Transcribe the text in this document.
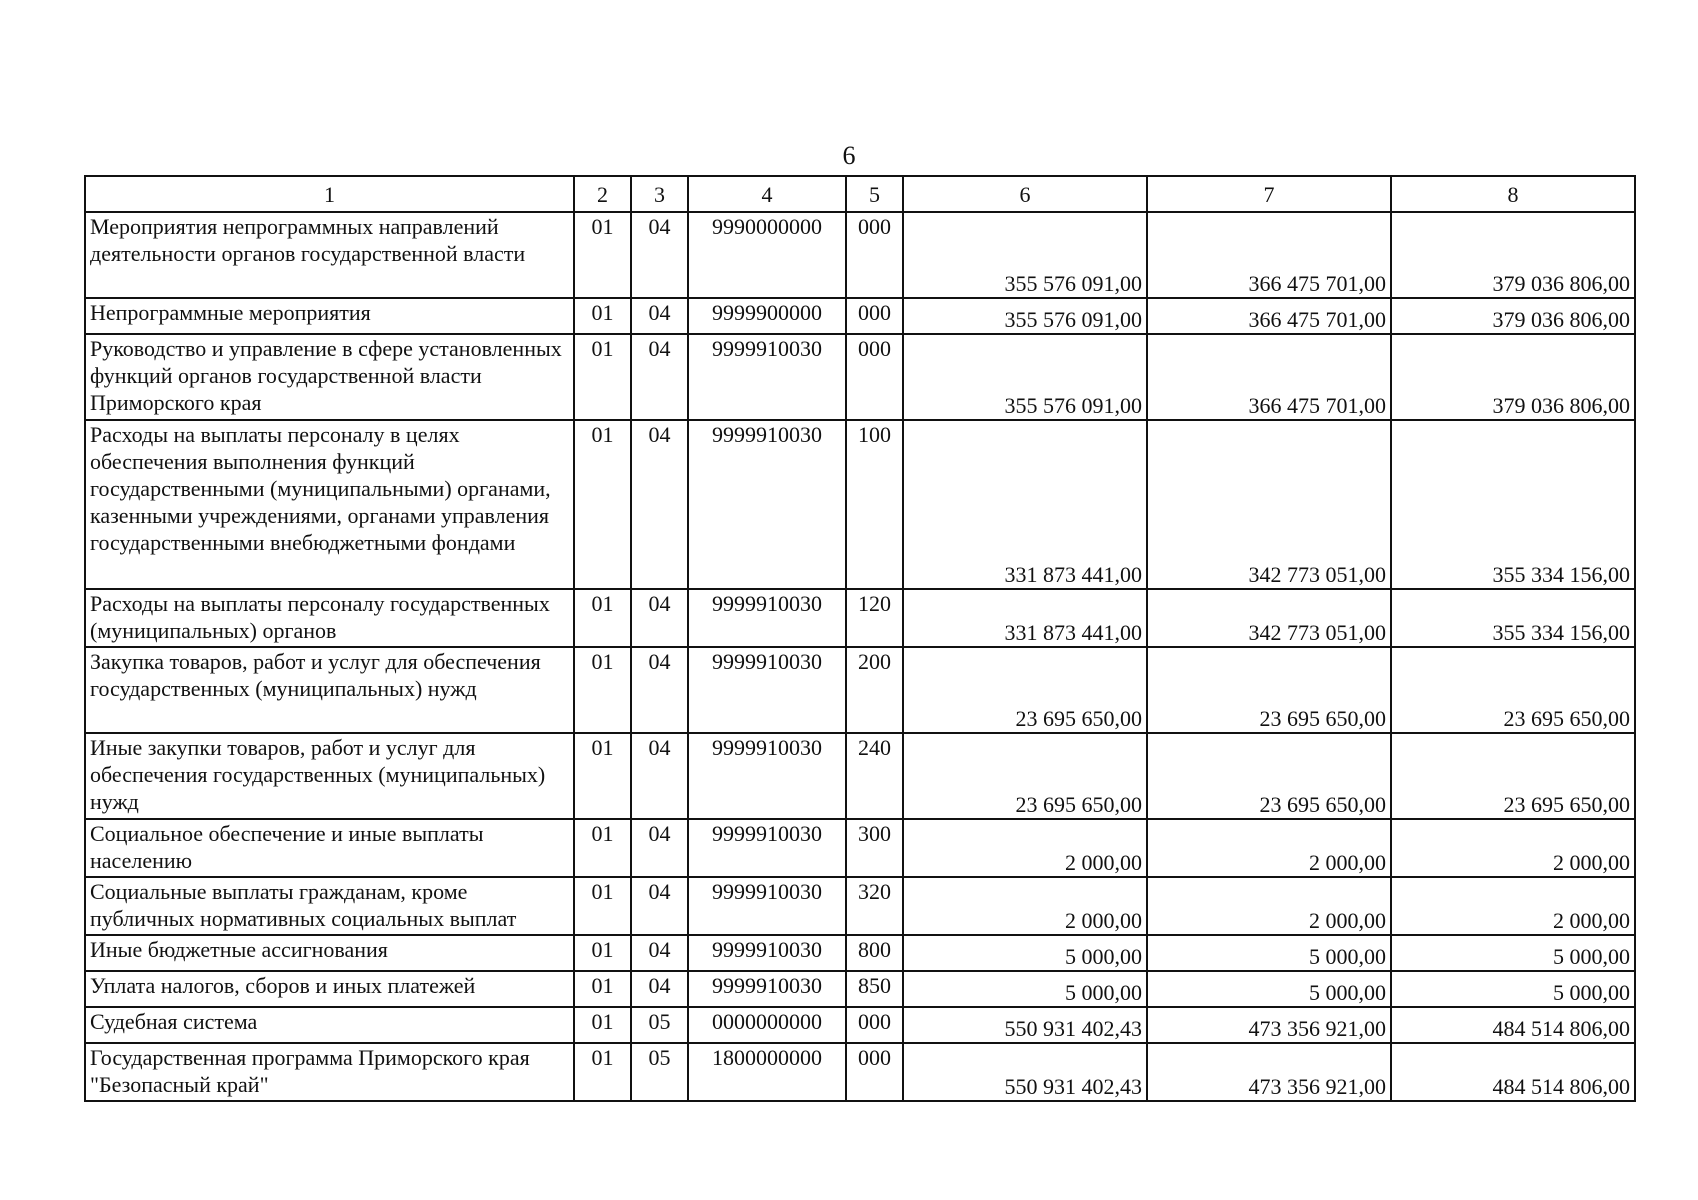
6
1	2	3	4	5	6	7	8
Мероприятия непрограммных направлений деятельности органов государственной власти	01	04	9990000000	000	355 576 091,00	366 475 701,00	379 036 806,00
Непрограммные мероприятия	01	04	9999900000	000	355 576 091,00	366 475 701,00	379 036 806,00
Руководство и управление в сфере установленных функций органов государственной власти Приморского края	01	04	9999910030	000	355 576 091,00	366 475 701,00	379 036 806,00
Расходы на выплаты персоналу в целях обеспечения выполнения функций государственными (муниципальными) органами, казенными учреждениями, органами управления государственными внебюджетными фондами	01	04	9999910030	100	331 873 441,00	342 773 051,00	355 334 156,00
Расходы на выплаты персоналу государственных (муниципальных) органов	01	04	9999910030	120	331 873 441,00	342 773 051,00	355 334 156,00
Закупка товаров, работ и услуг для обеспечения государственных (муниципальных) нужд	01	04	9999910030	200	23 695 650,00	23 695 650,00	23 695 650,00
Иные закупки товаров, работ и услуг для обеспечения государственных (муниципальных) нужд	01	04	9999910030	240	23 695 650,00	23 695 650,00	23 695 650,00
Социальное обеспечение и иные выплаты населению	01	04	9999910030	300	2 000,00	2 000,00	2 000,00
Социальные выплаты гражданам, кроме публичных нормативных социальных выплат	01	04	9999910030	320	2 000,00	2 000,00	2 000,00
Иные бюджетные ассигнования	01	04	9999910030	800	5 000,00	5 000,00	5 000,00
Уплата налогов, сборов и иных платежей	01	04	9999910030	850	5 000,00	5 000,00	5 000,00
Судебная система	01	05	0000000000	000	550 931 402,43	473 356 921,00	484 514 806,00
Государственная программа Приморского края "Безопасный край"	01	05	1800000000	000	550 931 402,43	473 356 921,00	484 514 806,00
